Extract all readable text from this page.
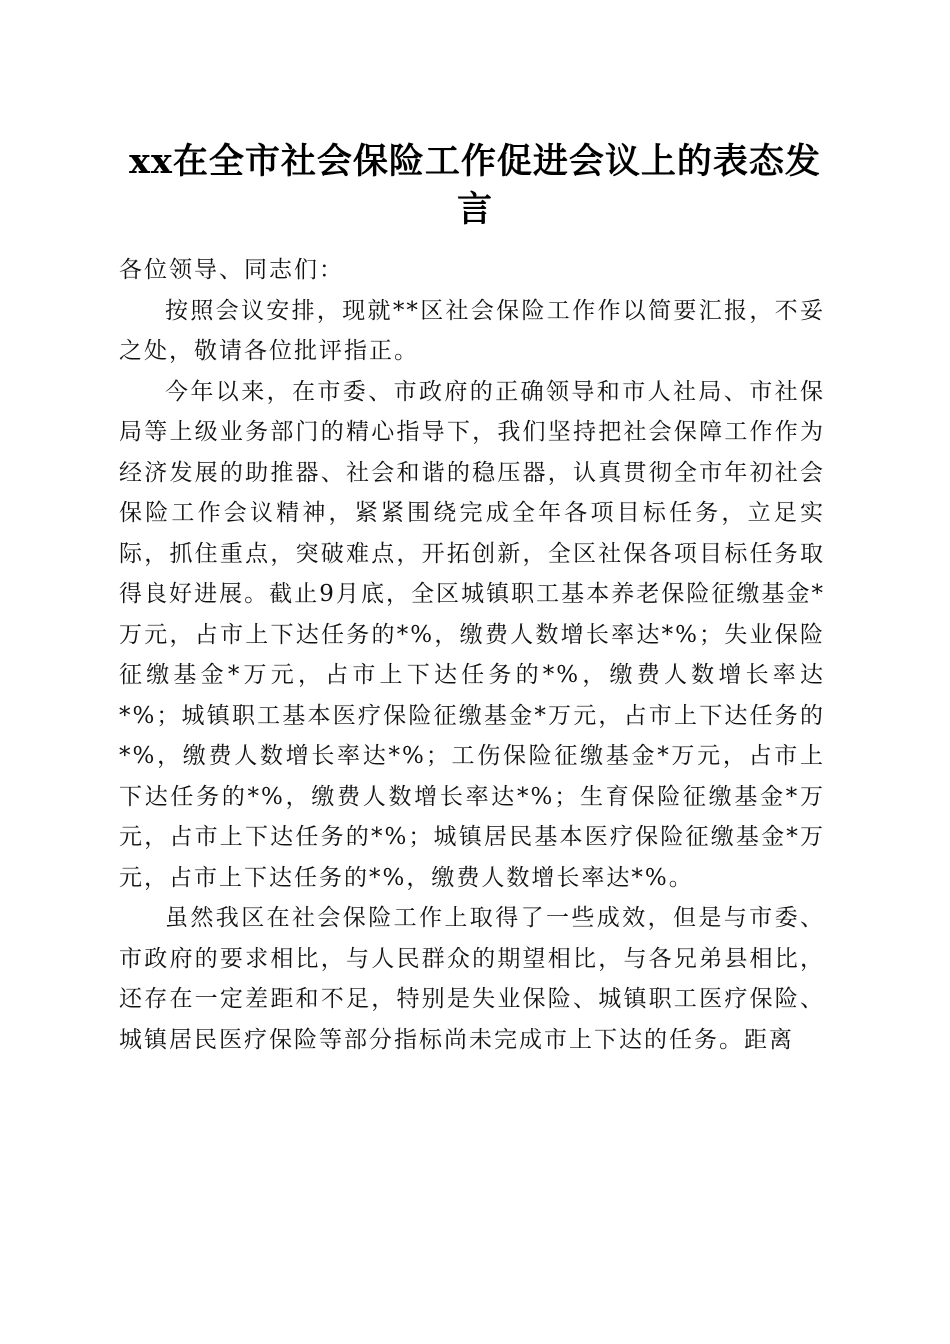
xx在全市社会保险工作促进会议上的表态发言

各位领导、同志们：

按照会议安排，现就**区社会保险工作作以简要汇报，不妥之处，敬请各位批评指正。

今年以来，在市委、市政府的正确领导和市人社局、市社保局等上级业务部门的精心指导下，我们坚持把社会保障工作作为经济发展的助推器、社会和谐的稳压器，认真贯彻全市年初社会保险工作会议精神，紧紧围绕完成全年各项目标任务，立足实际，抓住重点，突破难点，开拓创新，全区社保各项目标任务取得良好进展。截止9月底，全区城镇职工基本养老保险征缴基金*万元，占市上下达任务的*%，缴费人数增长率达*%；失业保险征缴基金*万元，占市上下达任务的*%，缴费人数增长率达*%；城镇职工基本医疗保险征缴基金*万元，占市上下达任务的*%，缴费人数增长率达*%；工伤保险征缴基金*万元，占市上下达任务的*%，缴费人数增长率达*%；生育保险征缴基金*万元，占市上下达任务的*%；城镇居民基本医疗保险征缴基金*万元，占市上下达任务的*%，缴费人数增长率达*%。

虽然我区在社会保险工作上取得了一些成效，但是与市委、市政府的要求相比，与人民群众的期望相比，与各兄弟县相比，还存在一定差距和不足，特别是失业保险、城镇职工医疗保险、城镇居民医疗保险等部分指标尚未完成市上下达的任务。距离
